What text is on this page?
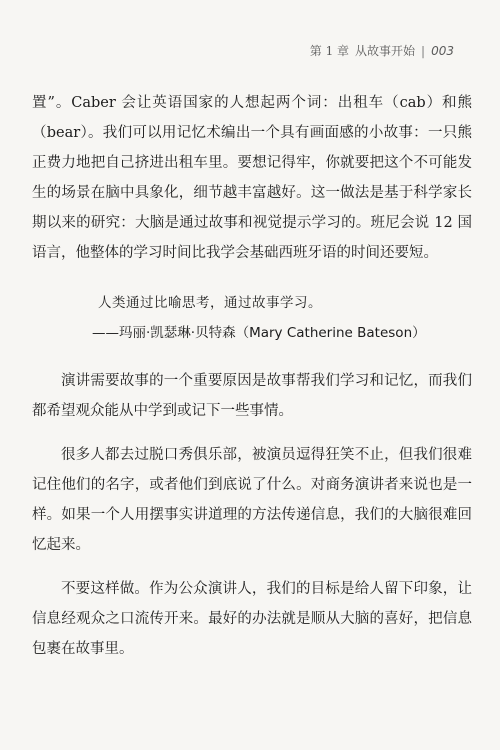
第 1 章 从故事开始 | 003

置”。Caber 会让英语国家的人想起两个词：出租车（cab）和熊（bear）。我们可以用记忆术编出一个具有画面感的小故事：一只熊正费力地把自己挤进出租车里。要想记得牢，你就要把这个不可能发生的场景在脑中具象化，细节越丰富越好。这一做法是基于科学家长期以来的研究：大脑是通过故事和视觉提示学习的。班尼会说 12 国语言，他整体的学习时间比我学会基础西班牙语的时间还要短。

人类通过比喻思考，通过故事学习。

——玛丽·凯瑟琳·贝特森（Mary Catherine Bateson）

演讲需要故事的一个重要原因是故事帮我们学习和记忆，而我们都希望观众能从中学到或记下一些事情。

很多人都去过脱口秀俱乐部，被演员逗得狂笑不止，但我们很难记住他们的名字，或者他们到底说了什么。对商务演讲者来说也是一样。如果一个人用摆事实讲道理的方法传递信息，我们的大脑很难回忆起来。

不要这样做。作为公众演讲人，我们的目标是给人留下印象，让信息经观众之口流传开来。最好的办法就是顺从大脑的喜好，把信息包裹在故事里。
